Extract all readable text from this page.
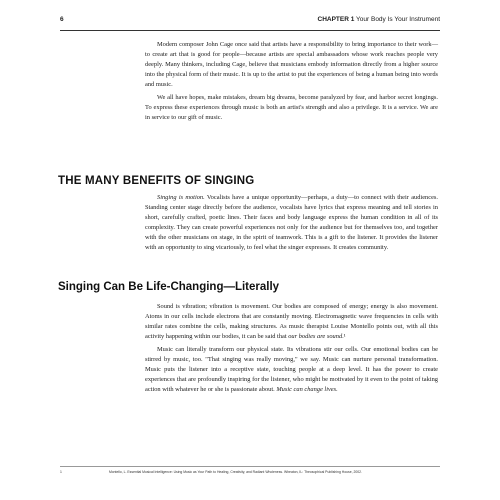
6	CHAPTER 1 Your Body Is Your Instrument

Modern composer John Cage once said that artists have a responsibility to bring importance to their work—to create art that is good for people—because artists are special ambassadors whose work reaches people very deeply. Many thinkers, including Cage, believe that musicians embody information directly from a higher source into the physical form of their music. It is up to the artist to put the experiences of being a human being into words and music.

We all have hopes, make mistakes, dream big dreams, become paralyzed by fear, and harbor secret longings. To express these experiences through music is both an artist's strength and also a privilege. It is a service. We are in service to our gift of music.

THE MANY BENEFITS OF SINGING

Singing is motion. Vocalists have a unique opportunity—perhaps, a duty—to connect with their audiences. Standing center stage directly before the audience, vocalists have lyrics that express meaning and tell stories in short, carefully crafted, poetic lines. Their faces and body language express the human condition in all of its complexity. They can create powerful experiences not only for the audience but for themselves too, and together with the other musicians on stage, in the spirit of teamwork. This is a gift to the listener. It provides the listener with an opportunity to sing vicariously, to feel what the singer expresses. It creates community.

Singing Can Be Life-Changing—Literally

Sound is vibration; vibration is movement. Our bodies are composed of energy; energy is also movement. Atoms in our cells include electrons that are constantly moving. Electromagnetic wave frequencies in cells with similar rates combine the cells, making structures. As music therapist Louise Montello points out, with all this activity happening within our bodies, it can be said that our bodies are sound.¹

Music can literally transform our physical state. Its vibrations stir our cells. Our emotional bodies can be stirred by music, too. "That singing was really moving," we say. Music can nurture personal transformation. Music puts the listener into a receptive state, touching people at a deep level. It has the power to create experiences that are profoundly inspiring for the listener, who might be motivated by it even to the point of taking action with whatever he or she is passionate about. Music can change lives.

1	Montello, L. Essential Musical Intelligence: Using Music as Your Path to Healing, Creativity, and Radiant Wholeness. Wheaton, IL: Theosophical Publishing House, 2002.
